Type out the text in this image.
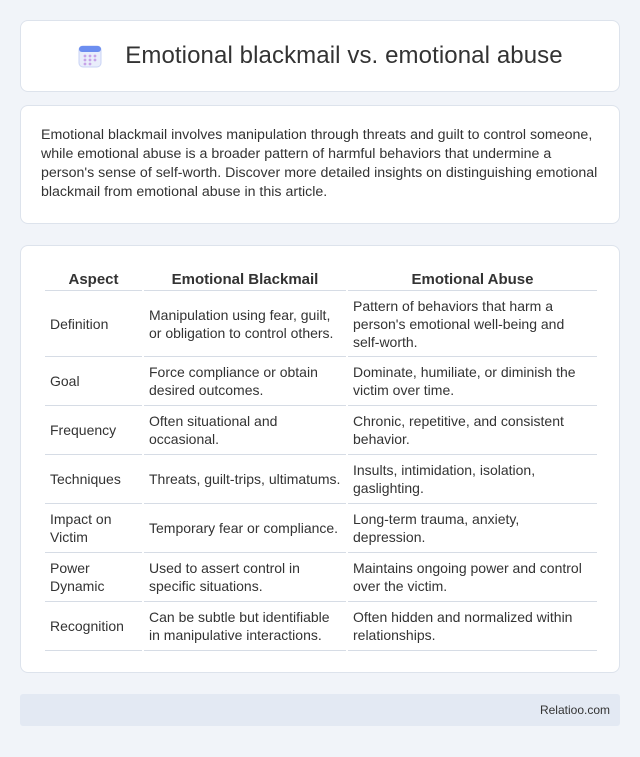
Emotional blackmail vs. emotional abuse

Emotional blackmail involves manipulation through threats and guilt to control someone, while emotional abuse is a broader pattern of harmful behaviors that undermine a person's sense of self-worth. Discover more detailed insights on distinguishing emotional blackmail from emotional abuse in this article.

Aspect	Emotional Blackmail	Emotional Abuse
Definition	Manipulation using fear, guilt, or obligation to control others.	Pattern of behaviors that harm a person's emotional well-being and self-worth.
Goal	Force compliance or obtain desired outcomes.	Dominate, humiliate, or diminish the victim over time.
Frequency	Often situational and occasional.	Chronic, repetitive, and consistent behavior.
Techniques	Threats, guilt-trips, ultimatums.	Insults, intimidation, isolation, gaslighting.
Impact on Victim	Temporary fear or compliance.	Long-term trauma, anxiety, depression.
Power Dynamic	Used to assert control in specific situations.	Maintains ongoing power and control over the victim.
Recognition	Can be subtle but identifiable in manipulative interactions.	Often hidden and normalized within relationships.
Relatioo.com
